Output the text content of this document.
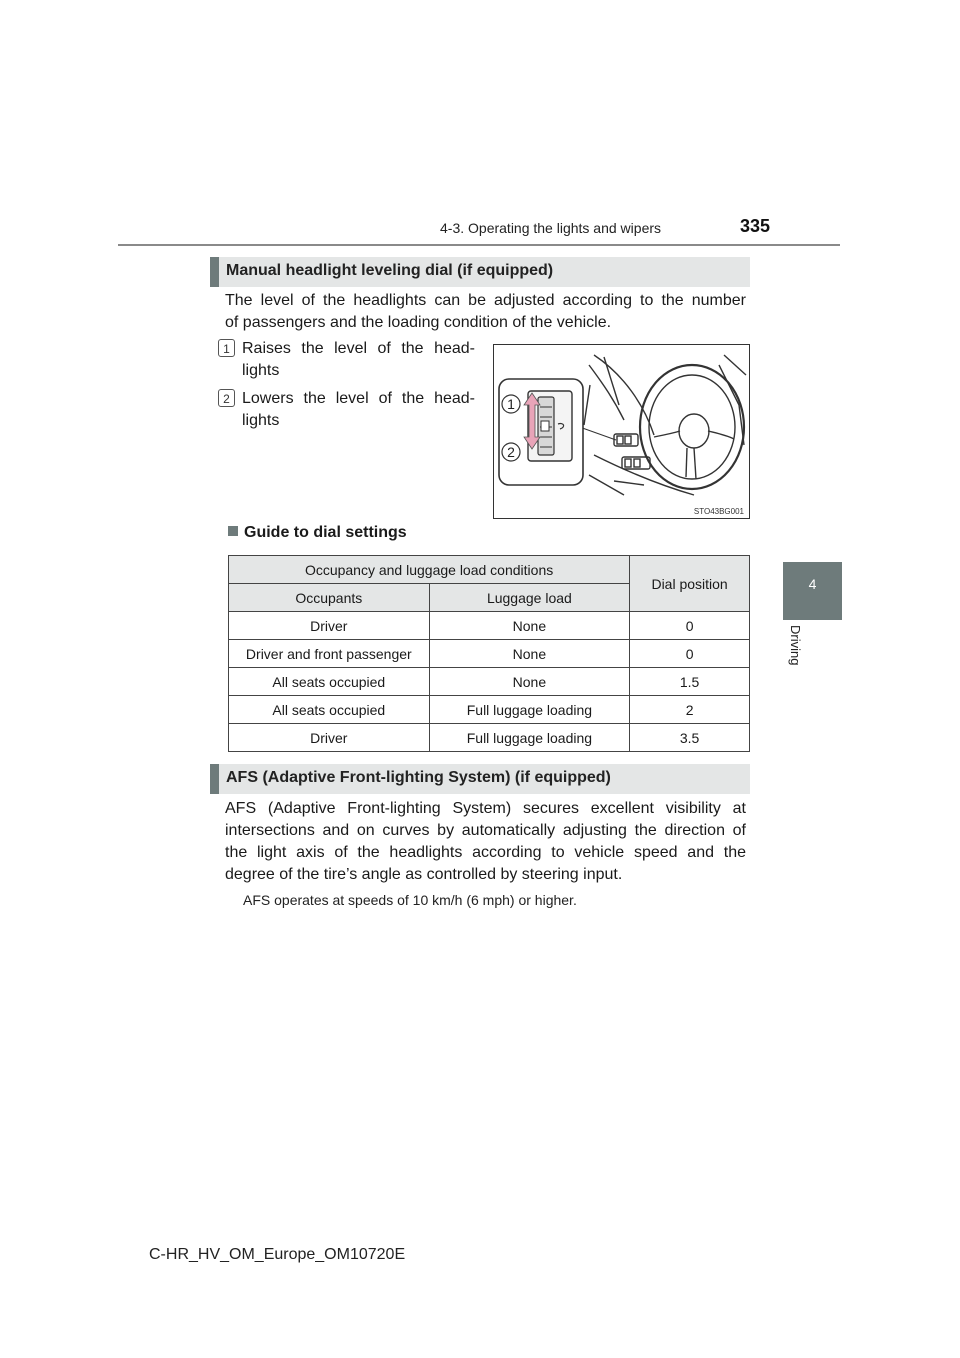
4-3. Operating the lights and wipers	335
4
Driving
Manual headlight leveling dial (if equipped)
The level of the headlights can be adjusted according to the number
of passengers and the loading condition of the vehicle.
1 Raises the level of the head-
lights
2 Lowers the level of the head-
lights
1
2
STO43BG001
Guide to dial settings
Occupancy and luggage load conditions		Dial position
Occupants	Luggage load	
Driver	None	0
Driver and front passenger	None	0
All seats occupied	None	1.5
All seats occupied	Full luggage loading	2
Driver	Full luggage loading	3.5
AFS (Adaptive Front-lighting System) (if equipped)
AFS (Adaptive Front-lighting System) secures excellent visibility at
intersections and on curves by automatically adjusting the direction of
the light axis of the headlights according to vehicle speed and the
degree of the tire’s angle as controlled by steering input.
AFS operates at speeds of 10 km/h (6 mph) or higher.
C-HR_HV_OM_Europe_OM10720E
